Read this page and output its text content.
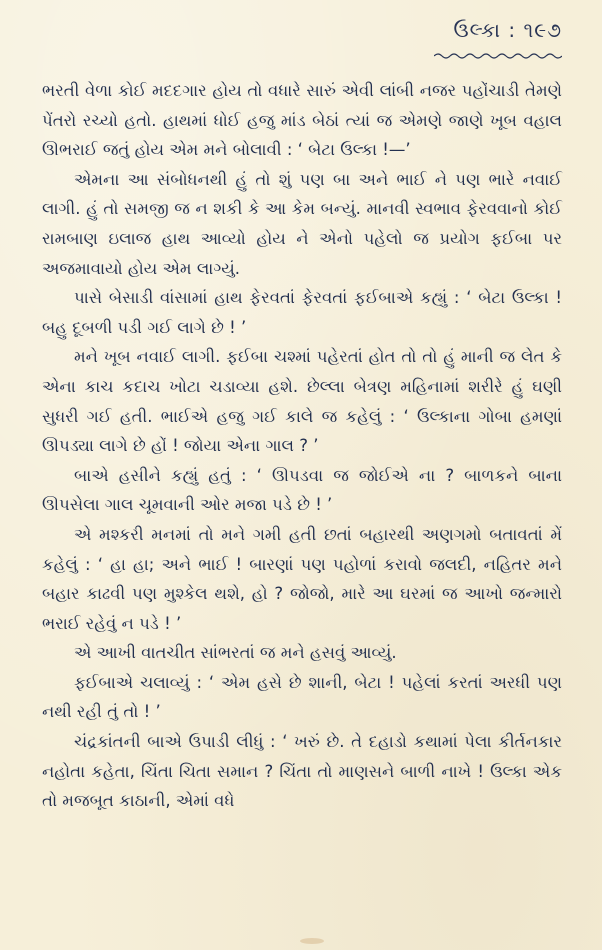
ઉલ્કા : ૧૯૭

ભરતી વેળા કોઈ મદદગાર હોય તો વધારે સારું એવી લાંબી નજર પહોંચાડી તેમણે પેંતરો રચ્યો હતો. હાથમાં ધોઈ હજુ માંડ બેઠાં ત્યાં જ એમણે જાણે ખૂબ વહાલ ઊભરાઈ જતું હોય એમ મને બોલાવી : ‘ બેટા ઉલ્કા !—’

એમના આ સંબોધનથી હું તો શું પણ બા અને ભાઈ ને પણ ભારે નવાઈ લાગી. હું તો સમજી જ ન શકી કે આ કેમ બન્યું. માનવી સ્વભાવ ફેરવવાનો કોઈ રામબાણ ઇલાજ હાથ આવ્યો હોય ને એનો પહેલો જ પ્રયોગ ફઈબા પર અજમાવાયો હોય એમ લાગ્યું.

પાસે બેસાડી વાંસામાં હાથ ફેરવતાં ફેરવતાં ફઈબાએ કહ્યું : ‘ બેટા ઉલ્કા ! બહુ દૂબળી પડી ગઈ લાગે છે ! ’

મને ખૂબ નવાઈ લાગી. ફઈબા ચશ્માં પહેરતાં હોત તો તો હું માની જ લેત કે એના કાચ કદાચ ખોટા ચડાવ્યા હશે. છેલ્લા બેત્રણ મહિનામાં શરીરે હું ઘણી સુધરી ગઈ હતી. ભાઈએ હજુ ગઈ કાલે જ કહેલું : ‘ ઉલ્કાના ગોબા હમણાં ઊપડ્યા લાગે છે હોં ! જોયા એના ગાલ ? ’

બાએ હસીને કહ્યું હતું : ‘ ઊપડવા જ જોઈએ ના ? બાળકને બાના ઊપસેલા ગાલ ચૂમવાની ઓર મજા પડે છે ! ’

એ મશ્કરી મનમાં તો મને ગમી હતી છતાં બહારથી અણગમો બતાવતાં મેં કહેલું : ‘ હા હા; અને ભાઈ ! બારણાં પણ પહોળાં કરાવો જલદી, નહિતર મને બહાર કાઢવી પણ મુશ્કેલ થશે, હો ? જોજો, મારે આ ઘરમાં જ આખો જન્મારો ભરાઈ રહેવું ન પડે ! ’

એ આખી વાતચીત સાંભરતાં જ મને હસવું આવ્યું.

ફઈબાએ ચલાવ્યું : ‘ એમ હસે છે શાની, બેટા ! પહેલાં કરતાં અરધી પણ નથી રહી તું તો ! ’

ચંદ્રકાંતની બાએ ઉપાડી લીધું : ‘ ખરું છે. તે દહાડો કથામાં પેલા કીર્તનકાર નહોતા કહેતા, ચિંતા ચિતા સમાન ? ચિંતા તો માણસને બાળી નાખે ! ઉલ્કા એક તો મજબૂત કાઠાની, એમાં વધે
